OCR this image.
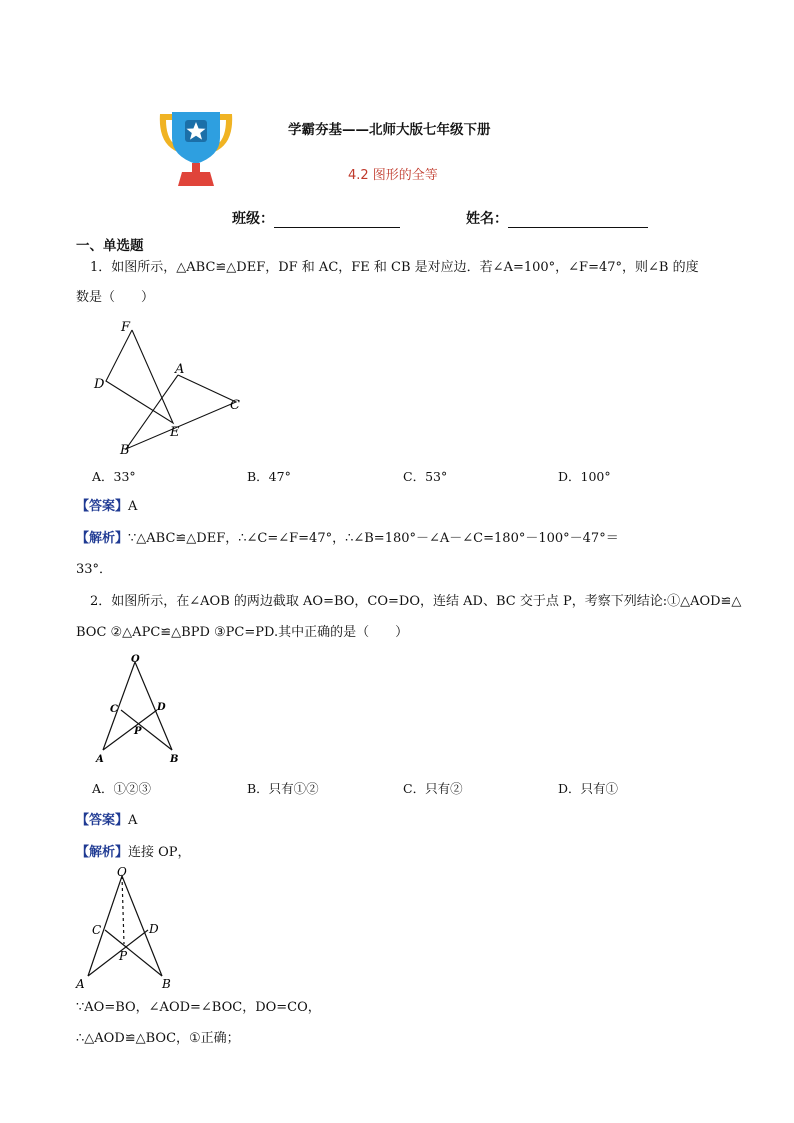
学霸夯基——北师大版七年级下册
4.2 图形的全等
班级：	姓名：
一、单选题
1．如图所示，△ABC≌△DEF，DF 和 AC，FE 和 CB 是对应边．若∠A=100°，∠F=47°，则∠B 的度
数是（　　）
F
D
A
C
B
E
A．33°	B．47°	C．53°	D．100°
【答案】A
【解析】∵△ABC≌△DEF，∴∠C=∠F=47°，∴∠B=180°－∠A－∠C=180°－100°－47°＝
33°．
2．如图所示，在∠AOB 的两边截取 AO=BO，CO=DO，连结 AD、BC 交于点 P，考察下列结论:①△AOD≌△
BOC ②△APC≌△BPD ③PC=PD.其中正确的是（　　）
O
C	D
P
A	B
A．①②③	B．只有①②	C．只有②	D．只有①
【答案】A
【解析】连接 OP，
O
C	D
P
A	B
∵AO=BO，∠AOD=∠BOC，DO=CO，
∴△AOD≌△BOC，①正确；
